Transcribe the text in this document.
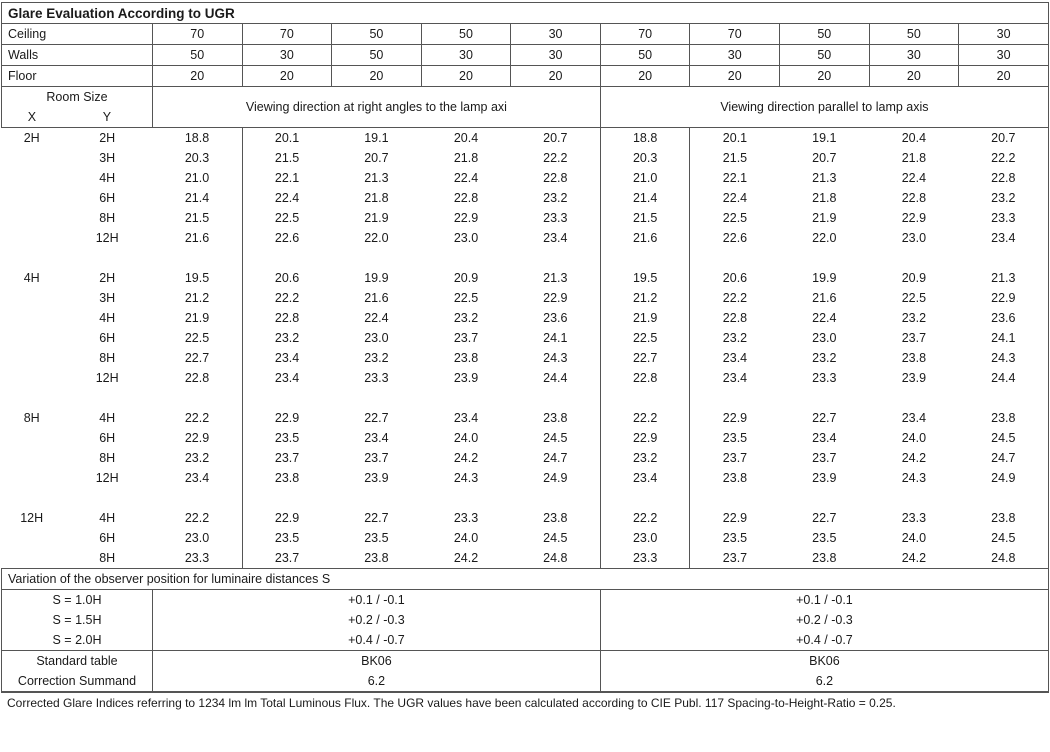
Glare Evaluation According to UGR											
Ceiling		70	70	50	50	30	70	70	50	50	30
Walls		50	30	50	30	30	50	30	50	30	30
Floor		20	20	20	20	20	20	20	20	20	20
Room Size		Viewing direction at right angles to the lamp axi					Viewing direction parallel to lamp axis				
X	Y										
2H	2H	18.8	20.1	19.1	20.4	20.7	18.8	20.1	19.1	20.4	20.7
	3H	20.3	21.5	20.7	21.8	22.2	20.3	21.5	20.7	21.8	22.2
	4H	21.0	22.1	21.3	22.4	22.8	21.0	22.1	21.3	22.4	22.8
	6H	21.4	22.4	21.8	22.8	23.2	21.4	22.4	21.8	22.8	23.2
	8H	21.5	22.5	21.9	22.9	23.3	21.5	22.5	21.9	22.9	23.3
	12H	21.6	22.6	22.0	23.0	23.4	21.6	22.6	22.0	23.0	23.4

4H	2H	19.5	20.6	19.9	20.9	21.3	19.5	20.6	19.9	20.9	21.3
	3H	21.2	22.2	21.6	22.5	22.9	21.2	22.2	21.6	22.5	22.9
	4H	21.9	22.8	22.4	23.2	23.6	21.9	22.8	22.4	23.2	23.6
	6H	22.5	23.2	23.0	23.7	24.1	22.5	23.2	23.0	23.7	24.1
	8H	22.7	23.4	23.2	23.8	24.3	22.7	23.4	23.2	23.8	24.3
	12H	22.8	23.4	23.3	23.9	24.4	22.8	23.4	23.3	23.9	24.4

8H	4H	22.2	22.9	22.7	23.4	23.8	22.2	22.9	22.7	23.4	23.8
	6H	22.9	23.5	23.4	24.0	24.5	22.9	23.5	23.4	24.0	24.5
	8H	23.2	23.7	23.7	24.2	24.7	23.2	23.7	23.7	24.2	24.7
	12H	23.4	23.8	23.9	24.3	24.9	23.4	23.8	23.9	24.3	24.9

12H	4H	22.2	22.9	22.7	23.3	23.8	22.2	22.9	22.7	23.3	23.8
	6H	23.0	23.5	23.5	24.0	24.5	23.0	23.5	23.5	24.0	24.5
	8H	23.3	23.7	23.8	24.2	24.8	23.3	23.7	23.8	24.2	24.8
Variation of the observer position for luminaire distances S											
S = 1.0H		+0.1 / -0.1					+0.1 / -0.1				
S = 1.5H		+0.2 / -0.3					+0.2 / -0.3				
S = 2.0H		+0.4 / -0.7					+0.4 / -0.7				
Standard table		BK06					BK06				
Correction Summand		6.2					6.2				
Corrected Glare Indices referring to 1234 lm lm Total Luminous Flux. The UGR values have been calculated according to CIE Publ. 117 Spacing-to-Height-Ratio = 0.25.
